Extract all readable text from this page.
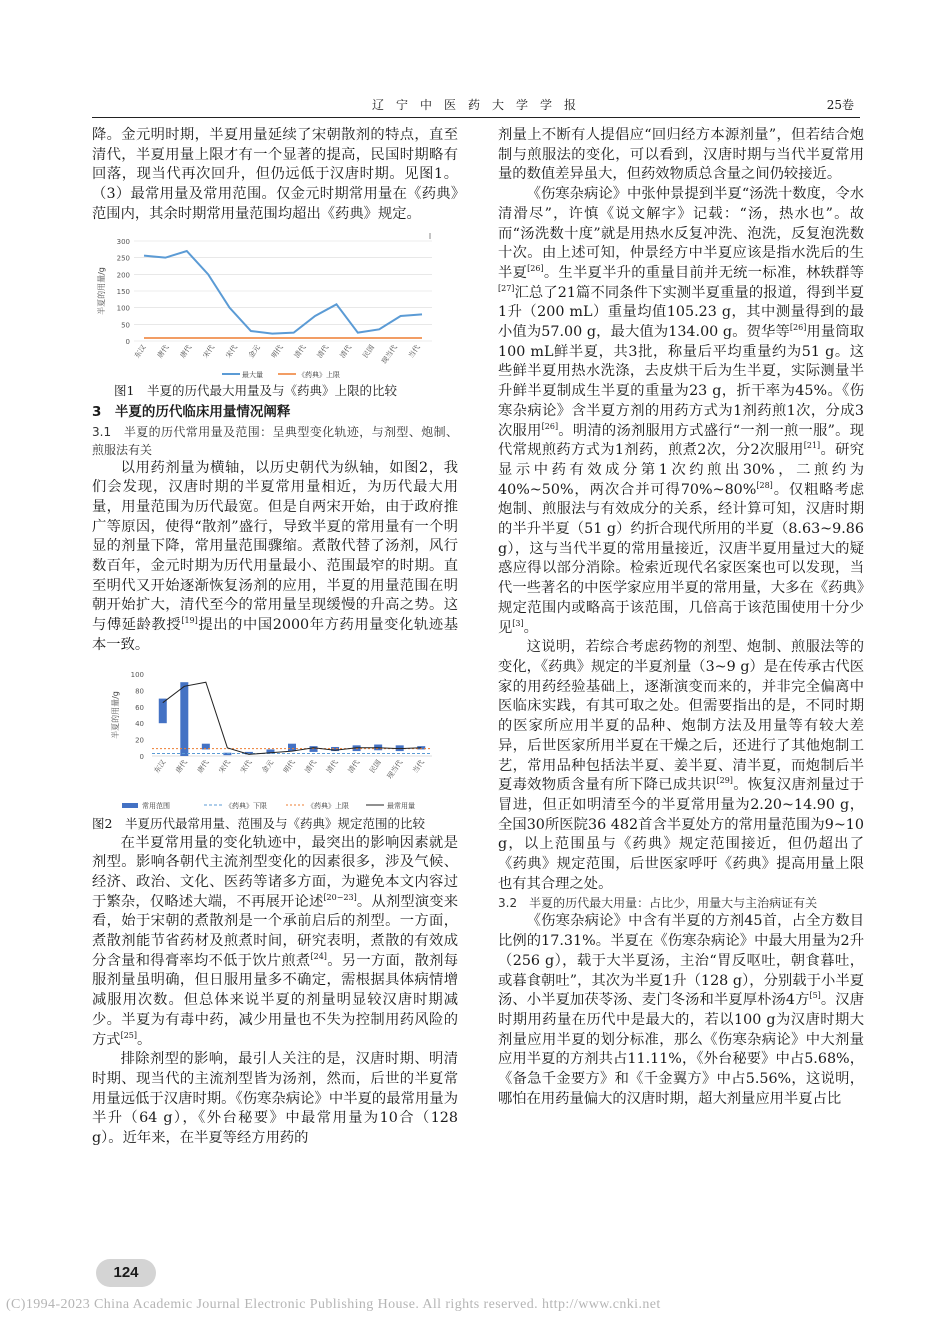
辽宁中医药大学学报	25卷

降。金元明时期，半夏用量延续了宋朝散剂的特点，直至清代，半夏用量上限才有一个显著的提高，民国时期略有回落，现当代再次回升，但仍远低于汉唐时期。见图1。（3）最常用量及常用范围。仅金元时期常用量在《药典》范围内，其余时期常用量范围均超出《药典》规定。

0
50
100
150
200
250
300
半夏的用量/g
东汉 唐代 唐代 宋代 宋代 金元 明代 清代 清代 清代 民国 现当代 当代
最大量	《药典》上限

图1　半夏的历代最大用量及与《药典》上限的比较

3　半夏的历代临床用量情况阐释

3.1　半夏的历代常用量及范围：呈典型变化轨迹，与剂型、炮制、煎服法有关

以用药剂量为横轴，以历史朝代为纵轴，如图2，我们会发现，汉唐时期的半夏常用量相近，为历代最大用量，用量范围为历代最宽。但是自两宋开始，由于政府推广等原因，使得“散剂”盛行，导致半夏的常用量有一个明显的剂量下降，常用量范围骤缩。煮散代替了汤剂，风行数百年，金元时期为历代用量最小、范围最窄的时期。直至明代又开始逐渐恢复汤剂的应用，半夏的用量范围在明朝开始扩大，清代至今的常用量呈现缓慢的升高之势。这与傅延龄教授[19]提出的中国2000年方药用量变化轨迹基本一致。

0
20
40
60
80
100
半夏的用量/g
东汉 唐代 唐代 宋代 宋代 金元 明代 清代 清代 清代 民国 现当代 当代
常用范围	《药典》下限	《药典》上限	最常用量

图2　半夏历代最常用量、范围及与《药典》规定范围的比较

在半夏常用量的变化轨迹中，最突出的影响因素就是剂型。影响各朝代主流剂型变化的因素很多，涉及气候、经济、政治、文化、医药等诸多方面，为避免本文内容过于繁杂，仅略述大端，不再展开论述[20−23]。从剂型演变来看，始于宋朝的煮散剂是一个承前启后的剂型。一方面，煮散剂能节省药材及煎煮时间，研究表明，煮散的有效成分含量和得膏率均不低于饮片煎煮[24]。另一方面，散剂每服剂量虽明确，但日服用量多不确定，需根据具体病情增减服用次数。但总体来说半夏的剂量明显较汉唐时期减少。半夏为有毒中药，减少用量也不失为控制用药风险的方式[25]。

排除剂型的影响，最引人关注的是，汉唐时期、明清时期、现当代的主流剂型皆为汤剂，然而，后世的半夏常用量远低于汉唐时期。《伤寒杂病论》中半夏的最常用量为半升（64 g），《外台秘要》中最常用量为10合（128 g）。近年来，在半夏等经方用药的

剂量上不断有人提倡应“回归经方本源剂量”，但若结合炮制与煎服法的变化，可以看到，汉唐时期与当代半夏常用量的数值差异虽大，但药效物质总含量之间仍较接近。

《伤寒杂病论》中张仲景提到半夏“汤洗十数度，令水清滑尽”，许慎《说文解字》记载：“汤，热水也”。故而“汤洗数十度”就是用热水反复冲洗、泡洗，反复泡洗数十次。由上述可知，仲景经方中半夏应该是指水洗后的生半夏[26]。生半夏半升的重量目前并无统一标准，林轶群等[27]汇总了21篇不同条件下实测半夏重量的报道，得到半夏1升（200 mL）重量均值105.23 g，其中测量得到的最小值为57.00 g，最大值为134.00 g。贺华等[26]用量筒取100 mL鲜半夏，共3批，称量后平均重量约为51 g。这些鲜半夏用热水洗涤，去皮烘干后为生半夏，实际测量半升鲜半夏制成生半夏的重量为23 g，折干率为45%。《伤寒杂病论》含半夏方剂的用药方式为1剂药煎1次，分成3次服用[26]。明清的汤剂服用方式盛行“一剂一煎一服”。现代常规煎药方式为1剂药，煎煮2次，分2次服用[21]。研究显示中药有效成分第1次约煎出30%，二煎约为40%~50%，两次合并可得70%~80%[28]。仅粗略考虑炮制、煎服法与有效成分的关系，经计算可知，汉唐时期的半升半夏（51 g）约折合现代所用的半夏（8.63~9.86 g），这与当代半夏的常用量接近，汉唐半夏用量过大的疑惑应得以部分消除。检索近现代名家医案也可以发现，当代一些著名的中医学家应用半夏的常用量，大多在《药典》规定范围内或略高于该范围，几倍高于该范围使用十分少见[3]。

这说明，若综合考虑药物的剂型、炮制、煎服法等的变化，《药典》规定的半夏剂量（3~9 g）是在传承古代医家的用药经验基础上，逐渐演变而来的，并非完全偏离中医临床实践，有其可取之处。但需要指出的是，不同时期的医家所应用半夏的品种、炮制方法及用量等有较大差异，后世医家所用半夏在干燥之后，还进行了其他炮制工艺，常用品种包括法半夏、姜半夏、清半夏，而炮制后半夏毒效物质含量有所下降已成共识[29]。恢复汉唐剂量过于冒进，但正如明清至今的半夏常用量为2.20~14.90 g，全国30所医院36 482首含半夏处方的常用量范围为9~10 g，以上范围虽与《药典》规定范围接近，但仍超出了《药典》规定范围，后世医家呼吁《药典》提高用量上限也有其合理之处。

3.2　半夏的历代最大用量：占比少，用量大与主治病证有关

《伤寒杂病论》中含有半夏的方剂45首，占全方数目比例的17.31%。半夏在《伤寒杂病论》中最大用量为2升（256 g），载于大半夏汤，主治“胃反呕吐，朝食暮吐，或暮食朝吐”，其次为半夏1升（128 g），分别载于小半夏汤、小半夏加茯苓汤、麦门冬汤和半夏厚朴汤4方[5]。汉唐时期用药量在历代中是最大的，若以100 g为汉唐时期大剂量应用半夏的划分标准，那么《伤寒杂病论》中大剂量应用半夏的方剂共占11.11%，《外台秘要》中占5.68%，《备急千金要方》和《千金翼方》中占5.56%，这说明，哪怕在用药量偏大的汉唐时期，超大剂量应用半夏占比

124
(C)1994-2023 China Academic Journal Electronic Publishing House. All rights reserved. http://www.cnki.net
